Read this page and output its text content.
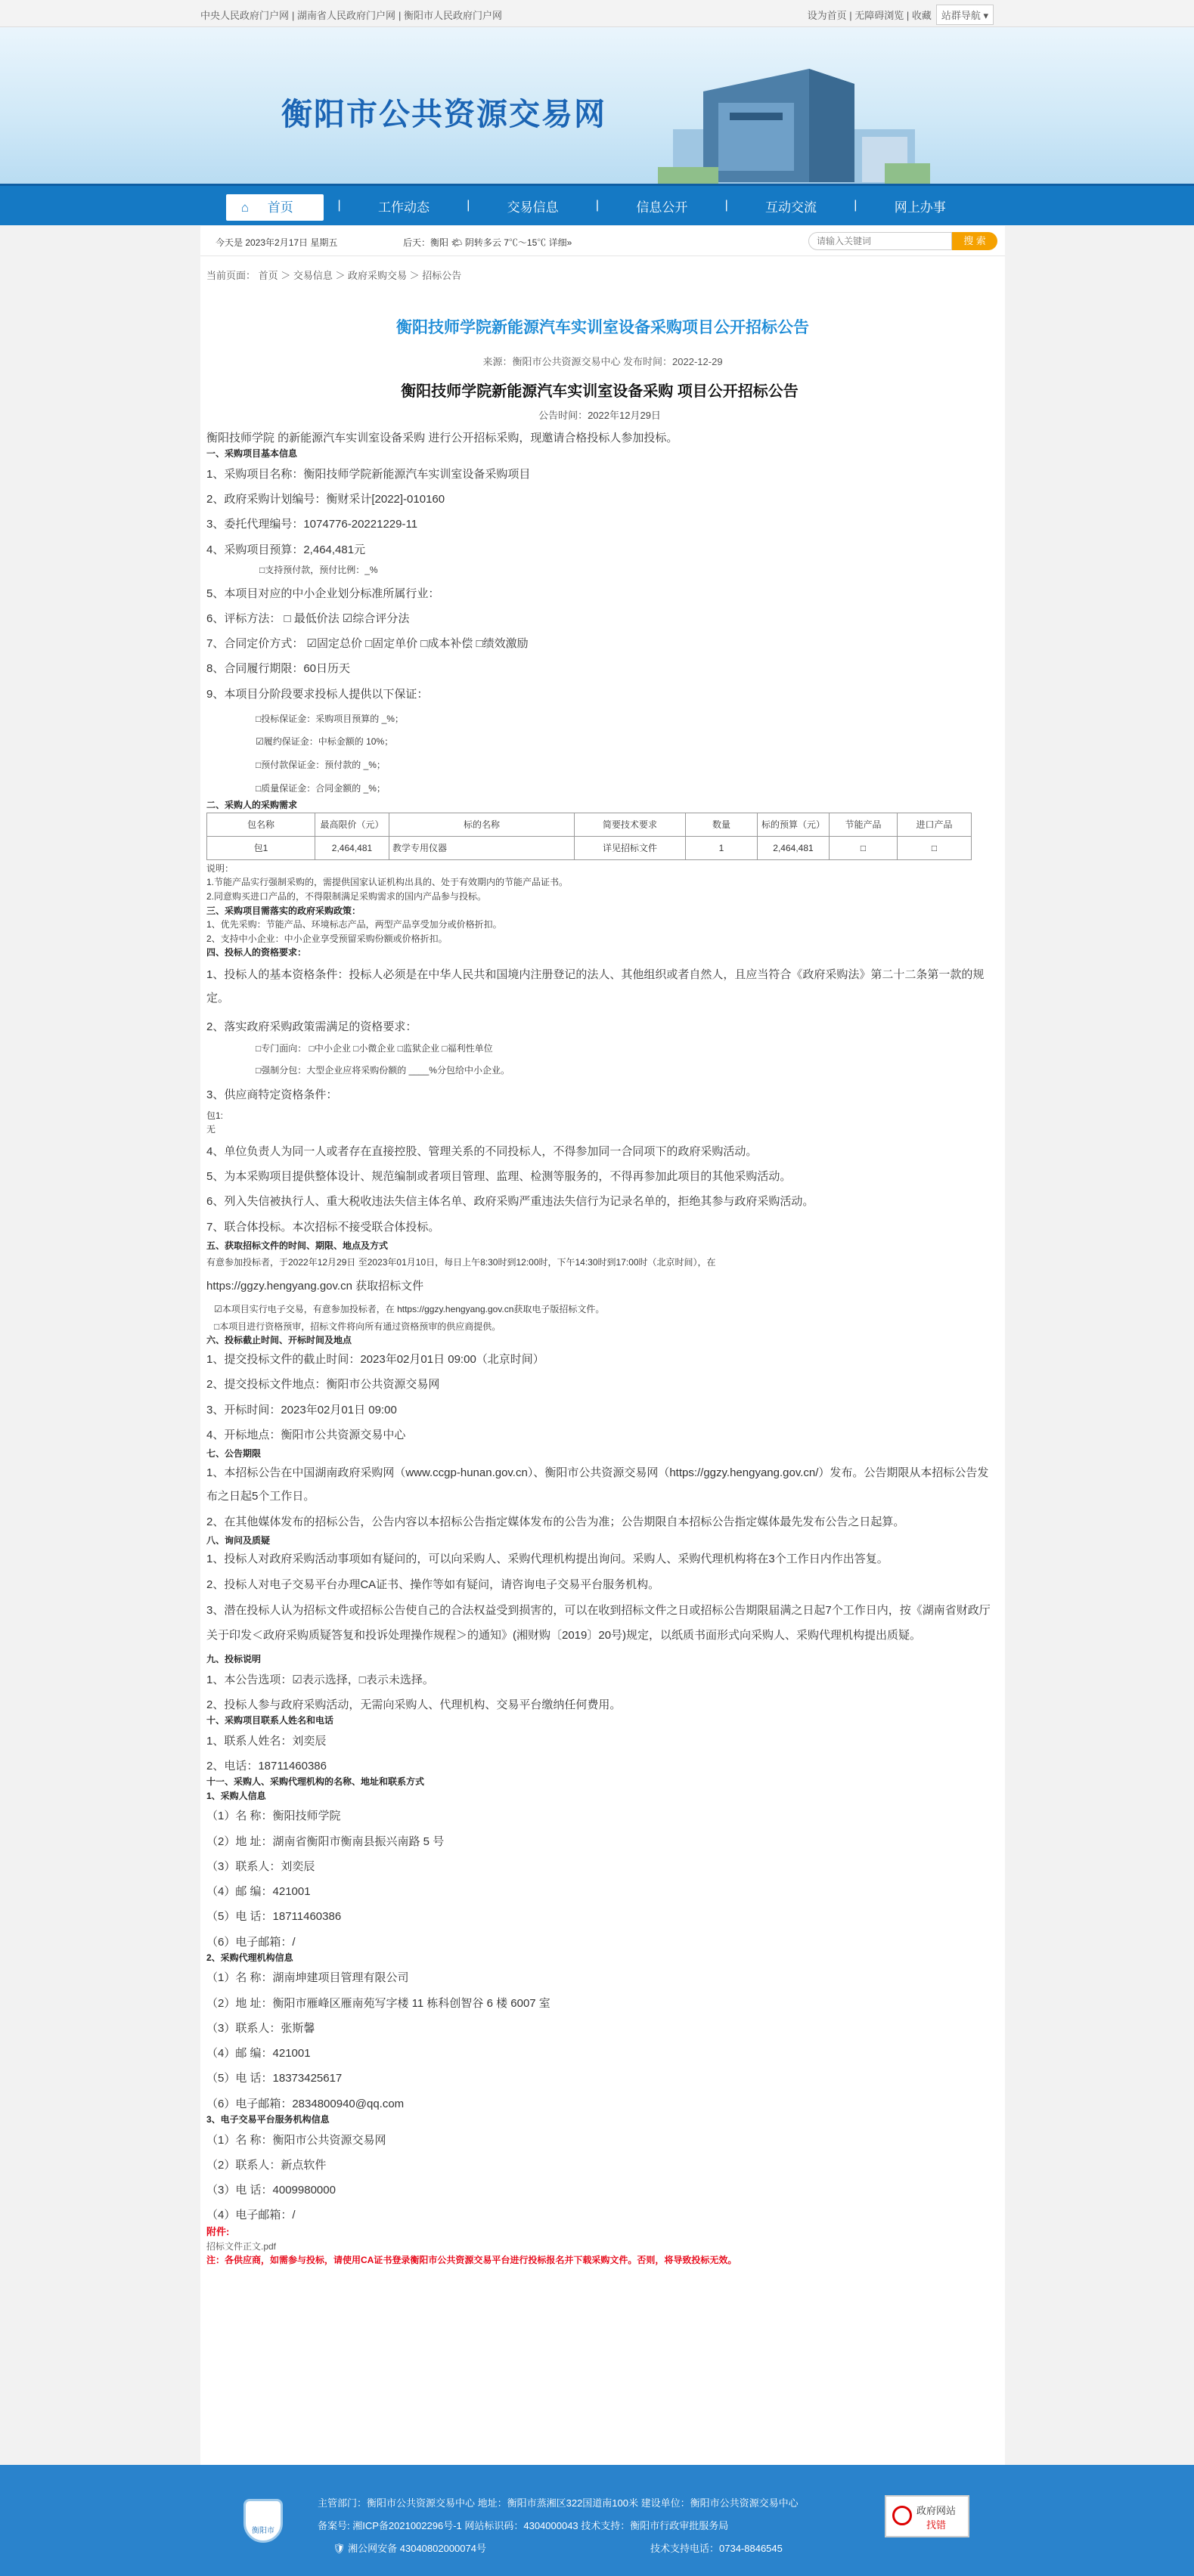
中央人民政府门户网 | 湖南省人民政府门户网 | 衡阳市人民政府门户网	设为首页 | 无障碍浏览 | 收藏	站群导航 ▾
衡阳市公共资源交易网
⌂ 首页	|	工作动态	|	交易信息	|	信息公开	|	互动交流	|	网上办事
今天是 2023年2月17日 星期五	后天：衡阳 🌤 阴转多云 7℃～15℃ 详细»
请输入关键词	搜 索
当前页面： 首页 ＞ 交易信息 ＞ 政府采购交易 ＞ 招标公告
衡阳技师学院新能源汽车实训室设备采购项目公开招标公告
来源：衡阳市公共资源交易中心 发布时间：2022-12-29
衡阳技师学院新能源汽车实训室设备采购 项目公开招标公告
公告时间：2022年12月29日
衡阳技师学院 的新能源汽车实训室设备采购 进行公开招标采购，现邀请合格投标人参加投标。
一、采购项目基本信息
1、采购项目名称：衡阳技师学院新能源汽车实训室设备采购项目
2、政府采购计划编号：衡财采计[2022]-010160
3、委托代理编号：1074776-20221229-11
4、采购项目预算：2,464,481元
□支持预付款，预付比例：_%
5、本项目对应的中小企业划分标准所属行业：
6、评标方法： □ 最低价法 ☑综合评分法
7、合同定价方式： ☑固定总价 □固定单价 □成本补偿 □绩效激励
8、合同履行期限：60日历天
9、本项目分阶段要求投标人提供以下保证：
□投标保证金：采购项目预算的 _%；
☑履约保证金：中标金额的 10%；
□预付款保证金：预付款的 _%；
□质量保证金：合同金额的 _%；
二、采购人的采购需求
包名称	最高限价（元）	标的名称	简要技术要求	数量	标的预算（元）	节能产品	进口产品
包1	2,464,481	教学专用仪器	详见招标文件	1	2,464,481	□	□
说明：
1.节能产品实行强制采购的，需提供国家认证机构出具的、处于有效期内的节能产品证书。
2.同意购买进口产品的，不得限制满足采购需求的国内产品参与投标。
三、采购项目需落实的政府采购政策：
1、优先采购：节能产品、环境标志产品，两型产品享受加分或价格折扣。
2、支持中小企业：中小企业享受预留采购份额或价格折扣。
四、投标人的资格要求：
1、投标人的基本资格条件：投标人必须是在中华人民共和国境内注册登记的法人、其他组织或者自然人，且应当符合《政府采购法》第二十二条第一款的规定。
2、落实政府采购政策需满足的资格要求：
□专门面向： □中小企业 □小微企业 □监狱企业 □福利性单位
□强制分包：大型企业应将采购份额的 ____%分包给中小企业。
3、供应商特定资格条件：
包1:
无
4、单位负责人为同一人或者存在直接控股、管理关系的不同投标人，不得参加同一合同项下的政府采购活动。
5、为本采购项目提供整体设计、规范编制或者项目管理、监理、检测等服务的，不得再参加此项目的其他采购活动。
6、列入失信被执行人、重大税收违法失信主体名单、政府采购严重违法失信行为记录名单的，拒绝其参与政府采购活动。
7、联合体投标。本次招标不接受联合体投标。
五、获取招标文件的时间、期限、地点及方式
有意参加投标者，于2022年12月29日 至2023年01月10日，每日上午8:30时到12:00时，下午14:30时到17:00时（北京时间），在
https://ggzy.hengyang.gov.cn 获取招标文件
☑本项目实行电子交易，有意参加投标者，在 https://ggzy.hengyang.gov.cn获取电子版招标文件。
□本项目进行资格预审，招标文件将向所有通过资格预审的供应商提供。
六、投标截止时间、开标时间及地点
1、提交投标文件的截止时间：2023年02月01日 09:00（北京时间）
2、提交投标文件地点：衡阳市公共资源交易网
3、开标时间：2023年02月01日 09:00
4、开标地点：衡阳市公共资源交易中心
七、公告期限
1、本招标公告在中国湖南政府采购网（www.ccgp-hunan.gov.cn）、衡阳市公共资源交易网（https://ggzy.hengyang.gov.cn/）发布。公告期限从本招标公告发布之日起5个工作日。
2、在其他媒体发布的招标公告，公告内容以本招标公告指定媒体发布的公告为准；公告期限自本招标公告指定媒体最先发布公告之日起算。
八、询问及质疑
1、投标人对政府采购活动事项如有疑问的，可以向采购人、采购代理机构提出询问。采购人、采购代理机构将在3个工作日内作出答复。
2、投标人对电子交易平台办理CA证书、操作等如有疑问，请咨询电子交易平台服务机构。
3、潜在投标人认为招标文件或招标公告使自己的合法权益受到损害的，可以在收到招标文件之日或招标公告期限届满之日起7个工作日内，按《湖南省财政厅关于印发＜政府采购质疑答复和投诉处理操作规程＞的通知》(湘财购〔2019〕20号)规定，以纸质书面形式向采购人、采购代理机构提出质疑。
九、投标说明
1、本公告选项：☑表示选择，□表示未选择。
2、投标人参与政府采购活动，无需向采购人、代理机构、交易平台缴纳任何费用。
十、采购项目联系人姓名和电话
1、联系人姓名：刘奕辰
2、电话：18711460386
十一、采购人、采购代理机构的名称、地址和联系方式
1、采购人信息
（1）名 称：衡阳技师学院
（2）地 址：湖南省衡阳市衡南县振兴南路 5 号
（3）联系人：刘奕辰
（4）邮 编：421001
（5）电 话：18711460386
（6）电子邮箱：/
2、采购代理机构信息
（1）名 称：湖南坤建项目管理有限公司
（2）地 址：衡阳市雁峰区雁南苑写字楼 11 栋科创智谷 6 楼 6007 室
（3）联系人：张斯馨
（4）邮 编：421001
（5）电 话：18373425617
（6）电子邮箱：2834800940@qq.com
3、电子交易平台服务机构信息
（1）名 称：衡阳市公共资源交易网
（2）联系人：新点软件
（3）电 话：4009980000
（4）电子邮箱：/
附件:
招标文件正文.pdf
注：各供应商，如需参与投标，请使用CA证书登录衡阳市公共资源交易平台进行投标报名并下载采购文件。否则，将导致投标无效。
衡阳市
主管部门：衡阳市公共资源交易中心 地址：衡阳市蒸湘区322国道南100米 建设单位：衡阳市公共资源交易中心
备案号: 湘ICP备2021002296号-1 网站标识码：4304000043 技术支持：衡阳市行政审批服务局
🛡 湘公网安备 43040802000074号	技术支持电话：0734-8846545
政府网站
找错
